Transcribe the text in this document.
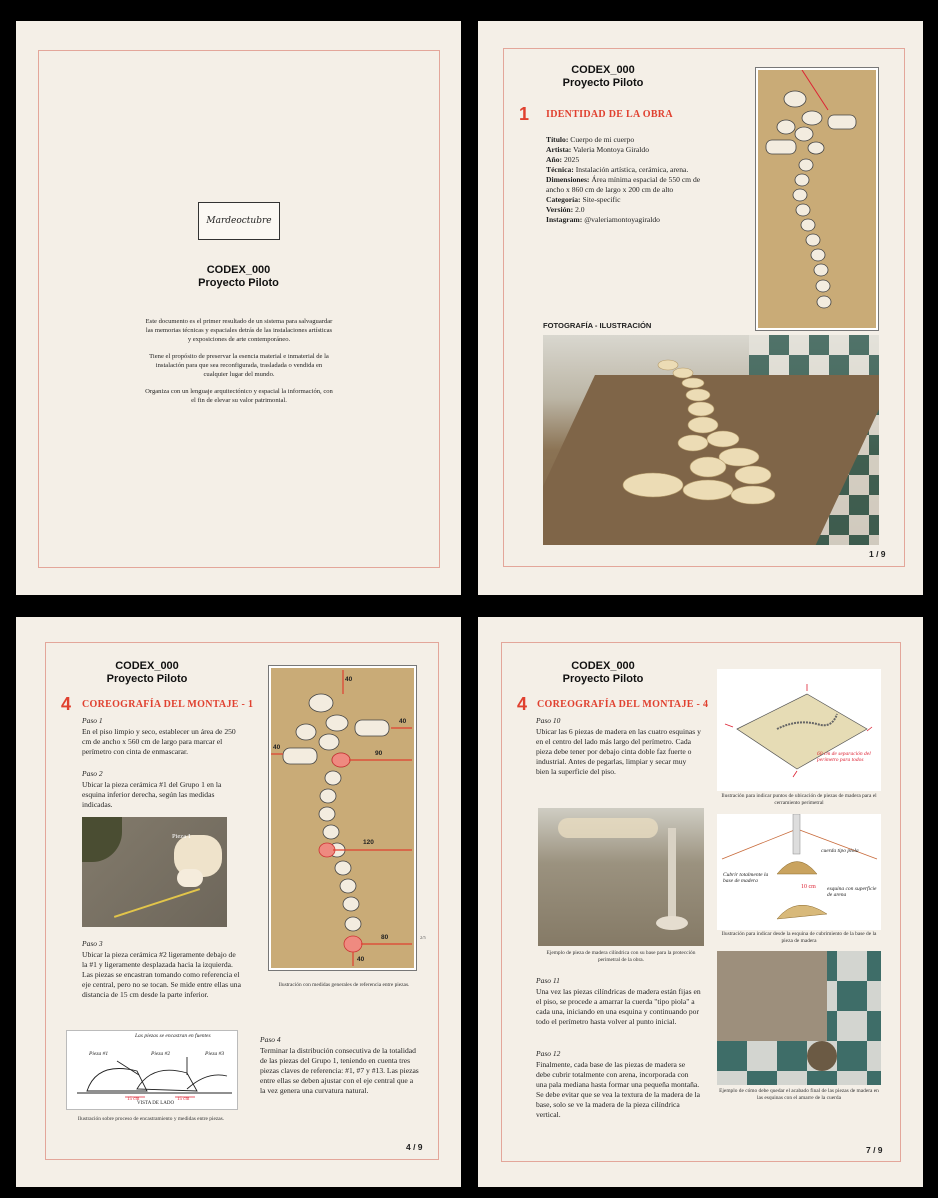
Mardeoctubre
CODEX_000
Proyecto Piloto

Este documento es el primer resultado de un sistema para salvaguardar las memorias técnicas y espaciales detrás de las instalaciones artísticas y exposiciones de arte contemporáneo.

Tiene el propósito de preservar la esencia material e inmaterial de la instalación para que sea reconfigurada, trasladada o vendida en cualquier lugar del mundo.

Organiza con un lenguaje arquitectónico y espacial la información, con el fin de elevar su valor patrimonial.

CODEX_000
Proyecto Piloto
1 IDENTIDAD DE LA OBRA
Título: Cuerpo de mi cuerpo
Artista: Valeria Montoya Giraldo
Año: 2025
Técnica: Instalación artística, cerámica, arena.
Dimensiones: Área mínima espacial de 550 cm de ancho x 860 cm de largo x 200 cm de alto
Categoría: Site-specific
Versión: 2.0
Instagram: @valeriamontoyagiraldo
FOTOGRAFÍA - ILUSTRACIÓN
1 / 9
CODEX_000
Proyecto Piloto
4 COREOGRAFÍA DEL MONTAJE - 1
Paso 1
En el piso limpio y seco, establecer un área de 250 cm de ancho x 560 cm de largo para marcar el perímetro con cinta de enmascarar.
Paso 2
Ubicar la pieza cerámica #1 del Grupo 1 en la esquina inferior derecha, según las medidas indicadas.
Pieza 1
Paso 3
Ubicar la pieza cerámica #2 ligeramente debajo de la #1 y ligeramente desplazada hacia la izquierda. Las piezas se encastran tomando como referencia el eje central, pero no se tocan. Se mide entre ellas una distancia de 15 cm desde la parte inferior.
40
40
40
90
120
80
40
2/5
Ilustración con medidas generales de referencia entre piezas.
Las piezas se encastran en fuentes
Pieza #1	Pieza #2	Pieza #3
15 cm	15 cm
VISTA DE LADO
Ilustración sobre proceso de encastramiento y medidas entre piezas.
Paso 4
Terminar la distribución consecutiva de la totalidad de las piezas del Grupo 1, teniendo en cuenta tres piezas claves de referencia: #1, #7 y #13. Las piezas entre ellas se deben ajustar con el eje central que a la vez genera una curvatura natural.
4 / 9
CODEX_000
Proyecto Piloto
4 COREOGRAFÍA DEL MONTAJE - 4
Paso 10
Ubicar las 6 piezas de madera en las cuatro esquinas y en el centro del lado más largo del perímetro. Cada pieza debe tener por debajo cinta doble faz fuerte o industrial. Antes de pegarlas, limpiar y secar muy bien la superficie del piso.
Ejemplo de pieza de madera cilíndrica con su base para la protección perimetral de la obra.
Paso 11
Una vez las piezas cilíndricas de madera están fijas en el piso, se procede a amarrar la cuerda "tipo piola" a cada una, iniciando en una esquina y continuando por todo el perímetro hasta volver al punto inicial.
Paso 12
Finalmente, cada base de las piezas de madera se debe cubrir totalmente con arena, incorporada con una pala mediana hasta formar una pequeña montaña. Se debe evitar que se vea la textura de la madera de la base, solo se ve la madera de la pieza cilíndrica vertical.
60 cm de separación del perímetro para todos
Ilustración para indicar puntos de ubicación de piezas de madera para el cerramiento perimetral
cuerda tipo piola
Cubrir totalmente la base de madera
10 cm esquina con superficie de arena
Ilustración para indicar desde la esquina de cubrimiento de la base de la pieza de madera
Ejemplo de cómo debe quedar el acabado final de las piezas de madera en las esquinas con el amarre de la cuerda
7 / 9
